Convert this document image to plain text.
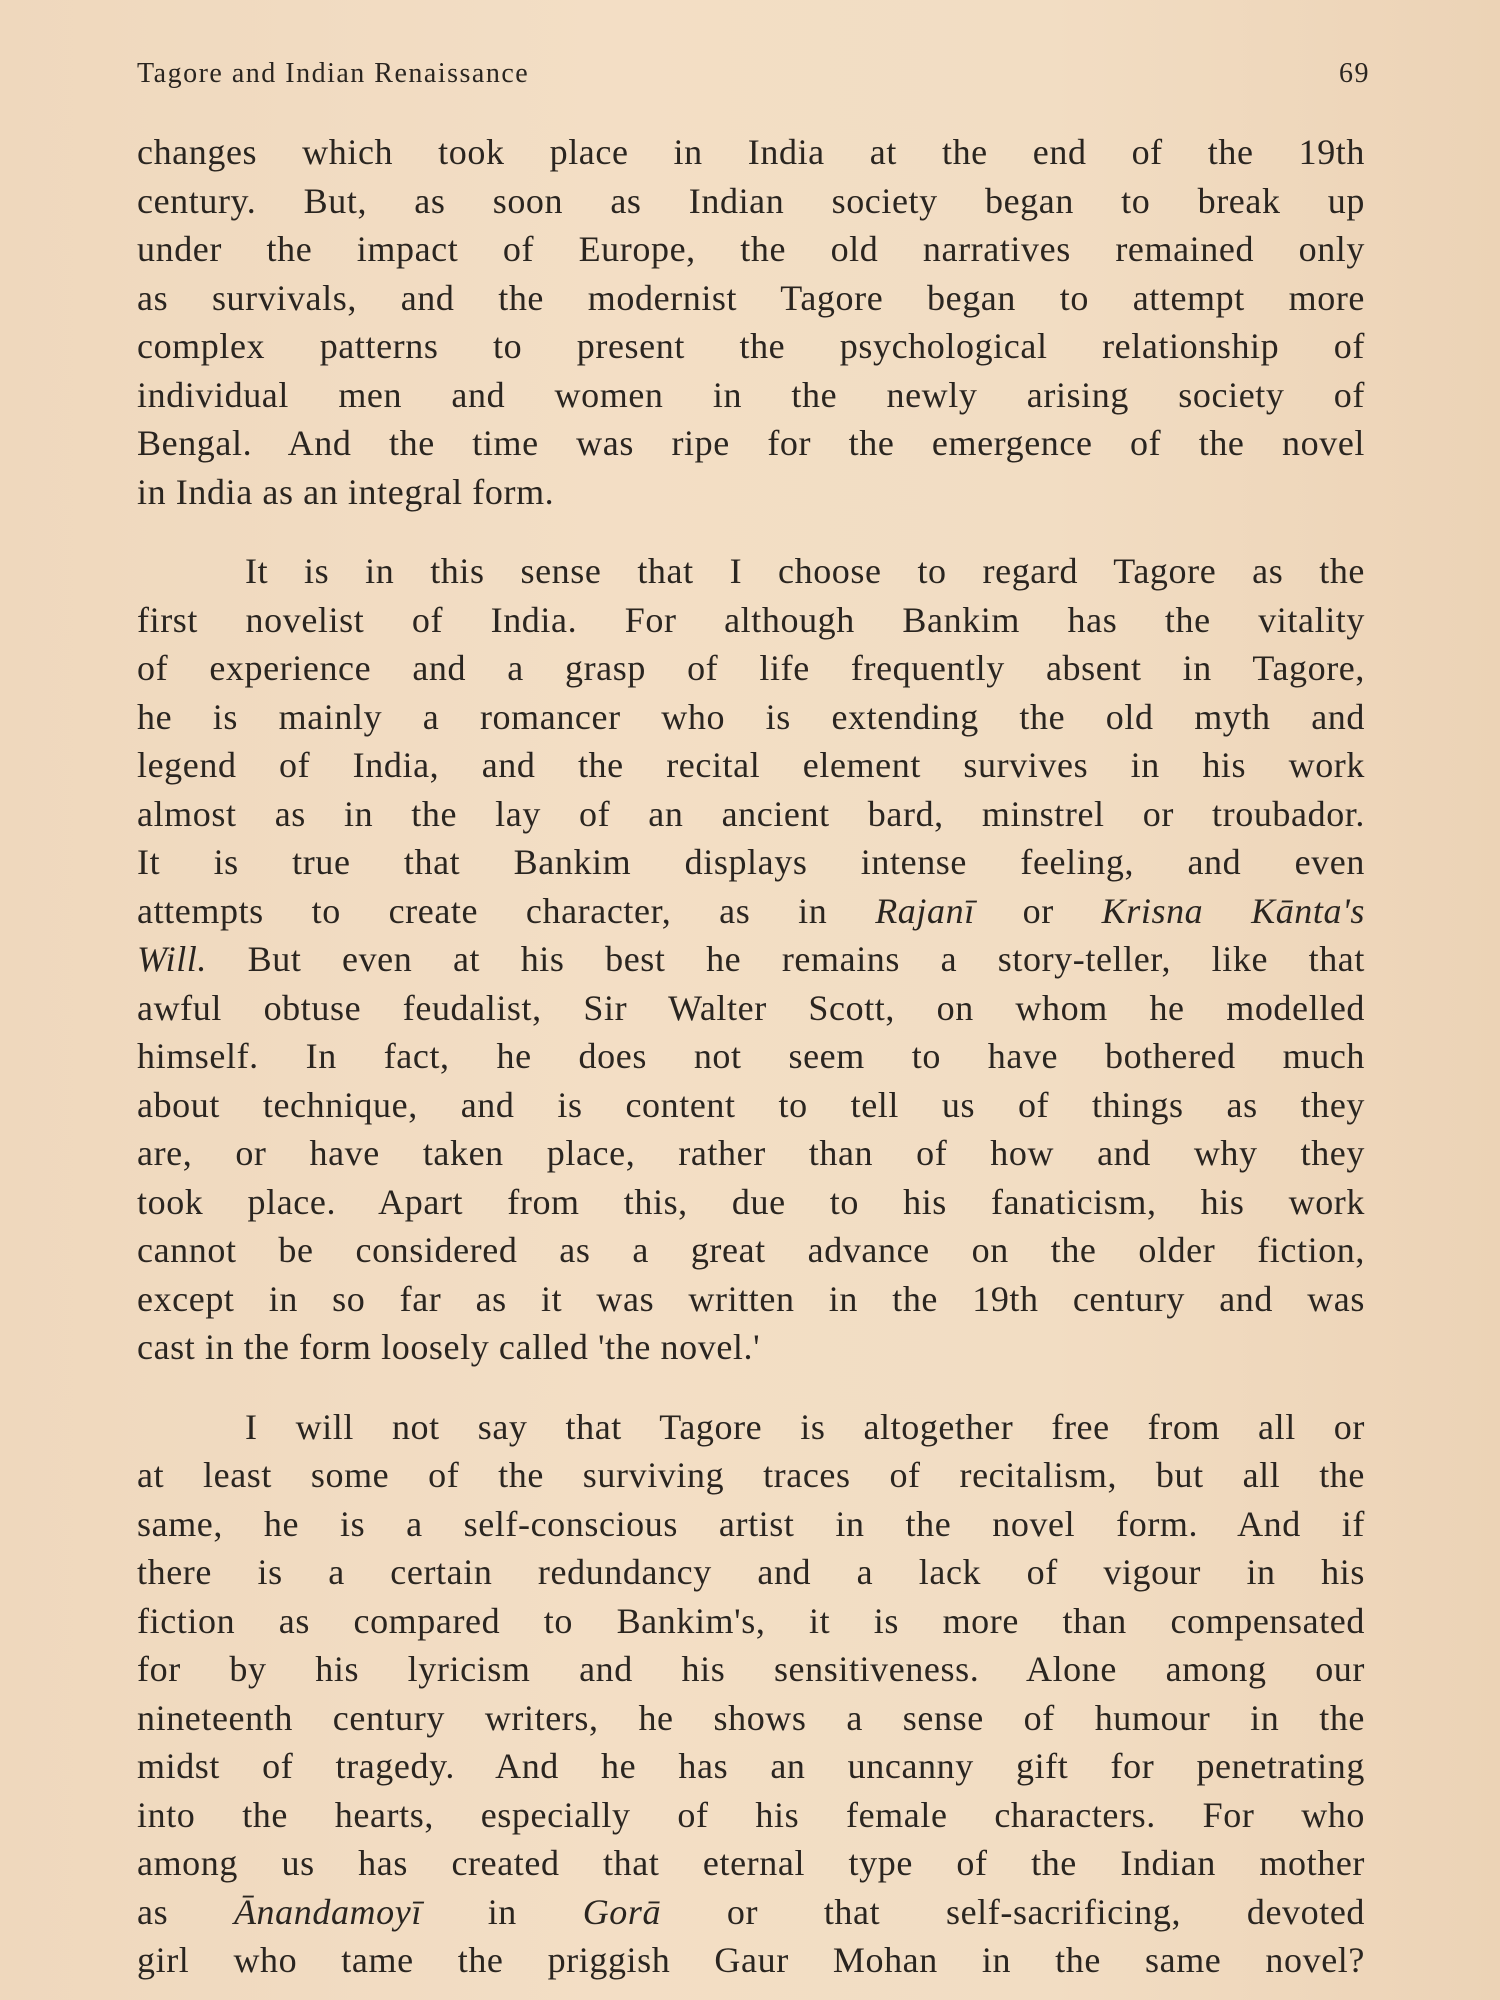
Tagore and Indian Renaissance	69
changes which took place in India at the end of the 19th
century. But, as soon as Indian society began to break up
under the impact of Europe, the old narratives remained only
as survivals, and the modernist Tagore began to attempt more
complex patterns to present the psychological relationship of
individual men and women in the newly arising society of
Bengal. And the time was ripe for the emergence of the novel
in India as an integral form.
It is in this sense that I choose to regard Tagore as the
first novelist of India. For although Bankim has the vitality
of experience and a grasp of life frequently absent in Tagore,
he is mainly a romancer who is extending the old myth and
legend of India, and the recital element survives in his work
almost as in the lay of an ancient bard, minstrel or troubador.
It is true that Bankim displays intense feeling, and even
attempts to create character, as in Rajanī or Krisna Kānta's
Will. But even at his best he remains a story-teller, like that
awful obtuse feudalist, Sir Walter Scott, on whom he modelled
himself. In fact, he does not seem to have bothered much
about technique, and is content to tell us of things as they
are, or have taken place, rather than of how and why they
took place. Apart from this, due to his fanaticism, his work
cannot be considered as a great advance on the older fiction,
except in so far as it was written in the 19th century and was
cast in the form loosely called 'the novel.'
I will not say that Tagore is altogether free from all or
at least some of the surviving traces of recitalism, but all the
same, he is a self-conscious artist in the novel form. And if
there is a certain redundancy and a lack of vigour in his
fiction as compared to Bankim's, it is more than compensated
for by his lyricism and his sensitiveness. Alone among our
nineteenth century writers, he shows a sense of humour in the
midst of tragedy. And he has an uncanny gift for penetrating
into the hearts, especially of his female characters. For who
among us has created that eternal type of the Indian mother
as Ānandamoyī in Gorā or that self-sacrificing, devoted
girl who tame the priggish Gaur Mohan in the same novel?
